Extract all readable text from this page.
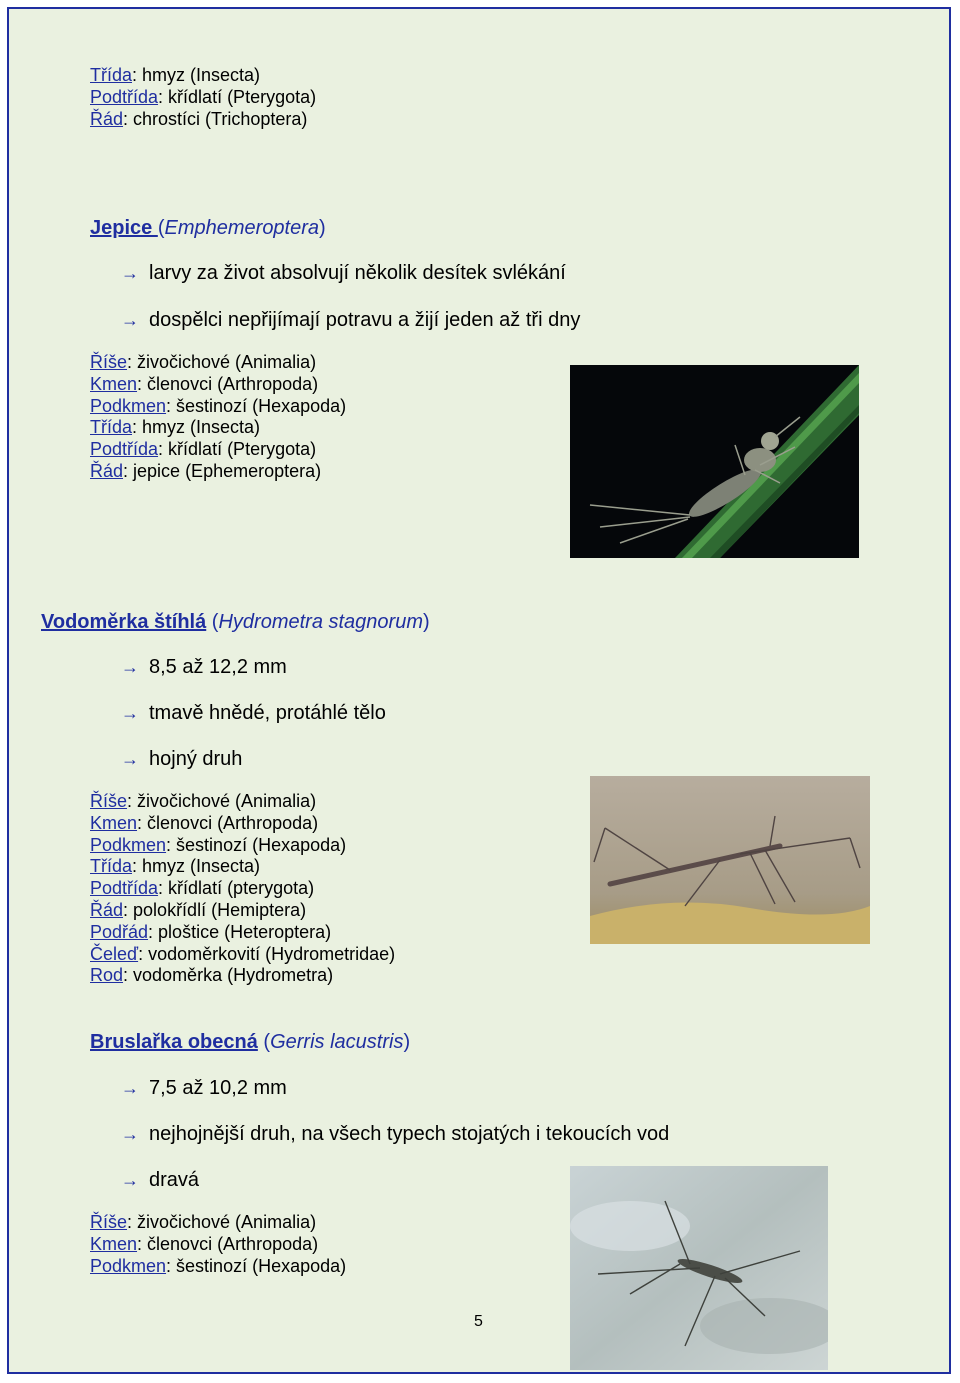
Třída: hmyz (Insecta)
Podtřída: křídlatí (Pterygota)
Řád: chrostíci (Trichoptera)
Jepice (Emphemeroptera)
→ larvy za život absolvují několik desítek svlékání
→ dospělci nepřijímají potravu a žijí jeden až tři dny
Říše: živočichové (Animalia)
Kmen: členovci (Arthropoda)
Podkmen: šestinozí (Hexapoda)
Třída: hmyz (Insecta)
Podtřída: křídlatí (Pterygota)
Řád: jepice (Ephemeroptera)
Vodoměrka štíhlá (Hydrometra stagnorum)
→ 8,5 až 12,2 mm
→ tmavě hnědé, protáhlé tělo
→ hojný druh
Říše: živočichové (Animalia)
Kmen: členovci (Arthropoda)
Podkmen: šestinozí (Hexapoda)
Třída: hmyz (Insecta)
Podtřída: křídlatí (pterygota)
Řád: polokřídlí (Hemiptera)
Podřád: ploštice (Heteroptera)
Čeleď: vodoměrkovití (Hydrometridae)
Rod: vodoměrka (Hydrometra)
Bruslařka obecná (Gerris lacustris)
→ 7,5 až 10,2 mm
→ nejhojnější druh, na všech typech stojatých i tekoucích vod
→ dravá
Říše: živočichové (Animalia)
Kmen: členovci (Arthropoda)
Podkmen: šestinozí (Hexapoda)
5
